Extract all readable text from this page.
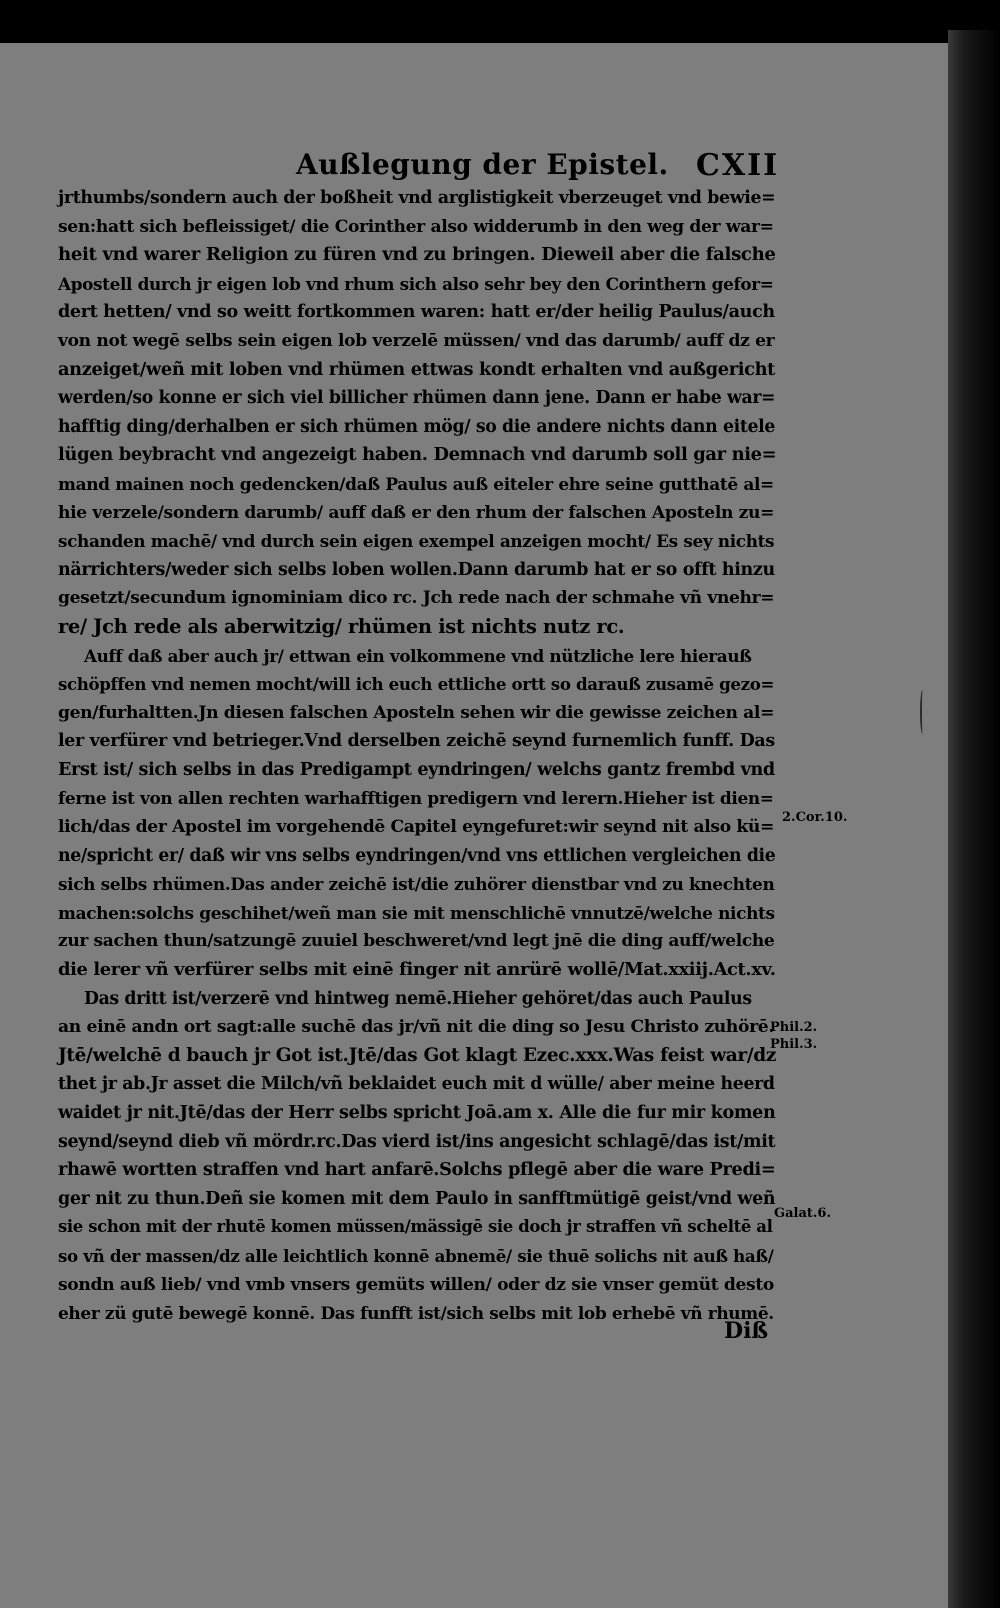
Außlegung der Epistel. CXII
jrthumbs/sondern auch der boßheit vnd arglistigkeit vberzeuget vnd bewie=
sen:hatt sich befleissiget/ die Corinther also widderumb in den weg der war=
heit vnd warer Religion zu füren vnd zu bringen. Dieweil aber die falsche
Apostell durch jr eigen lob vnd rhum sich also sehr bey den Corinthern gefor=
dert hetten/ vnd so weitt fortkommen waren: hatt er/der heilig Paulus/auch
von not wegē selbs sein eigen lob verzelē müssen/ vnd das darumb/ auff dz er
anzeiget/weñ mit loben vnd rhümen ettwas kondt erhalten vnd außgericht
werden/so konne er sich viel billicher rhümen dann jene. Dann er habe war=
hafftig ding/derhalben er sich rhümen mög/ so die andere nichts dann eitele
lügen beybracht vnd angezeigt haben. Demnach vnd darumb soll gar nie=
mand mainen noch gedencken/daß Paulus auß eiteler ehre seine gutthatē al=
hie verzele/sondern darumb/ auff daß er den rhum der falschen Aposteln zu=
schanden machē/ vnd durch sein eigen exempel anzeigen mocht/ Es sey nichts
närrichters/weder sich selbs loben wollen.Dann darumb hat er so offt hinzu
gesetzt/secundum ignominiam dico rc. Jch rede nach der schmahe vñ vnehr=
re/ Jch rede als aberwitzig/ rhümen ist nichts nutz rc.
Auff daß aber auch jr/ ettwan ein volkommene vnd nützliche lere hierauß
schöpffen vnd nemen mocht/will ich euch ettliche ortt so darauß zusamē gezo=
gen/furhaltten.Jn diesen falschen Aposteln sehen wir die gewisse zeichen al=
ler verfürer vnd betrieger.Vnd derselben zeichē seynd furnemlich funff. Das
Erst ist/ sich selbs in das Predigampt eyndringen/ welchs gantz frembd vnd
ferne ist von allen rechten warhafftigen predigern vnd lerern.Hieher ist dien=
lich/das der Apostel im vorgehendē Capitel eyngefuret:wir seynd nit also kü=
ne/spricht er/ daß wir vns selbs eyndringen/vnd vns ettlichen vergleichen die
sich selbs rhümen.Das ander zeichē ist/die zuhörer dienstbar vnd zu knechten
machen:solchs geschihet/weñ man sie mit menschlichē vnnutzē/welche nichts
zur sachen thun/satzungē zuuiel beschweret/vnd legt jnē die ding auff/welche
die lerer vñ verfürer selbs mit einē finger nit anrürē wollē/Mat.xxiij.Act.xv.
Das dritt ist/verzerē vnd hintweg nemē.Hieher gehöret/das auch Paulus
an einē andn ort sagt:alle suchē das jr/vñ nit die ding so Jesu Christo zuhörē.
Jtē/welchē d bauch jr Got ist.Jtē/das Got klagt Ezec.xxx.Was feist war/dz
thet jr ab.Jr asset die Milch/vñ beklaidet euch mit d wülle/ aber meine heerd
waidet jr nit.Jtē/das der Herr selbs spricht Joā.am x. Alle die fur mir komen
seynd/seynd dieb vñ mördr.rc.Das vierd ist/ins angesicht schlagē/das ist/mit
rhawē wortten straffen vnd hart anfarē.Solchs pflegē aber die ware Predi=
ger nit zu thun.Deñ sie komen mit dem Paulo in sanfftmütigē geist/vnd weñ
sie schon mit der rhutē komen müssen/mässigē sie doch jr straffen vñ scheltē al
so vñ der massen/dz alle leichtlich konnē abnemē/ sie thuē solichs nit auß haß/
sondn auß lieb/ vnd vmb vnsers gemüts willen/ oder dz sie vnser gemüt desto
eher zü gutē bewegē konnē. Das funfft ist/sich selbs mit lob erhebē vñ rhumē.
2.Cor.10.
Phil.2.
Phil.3.
Galat.6.
Diß
